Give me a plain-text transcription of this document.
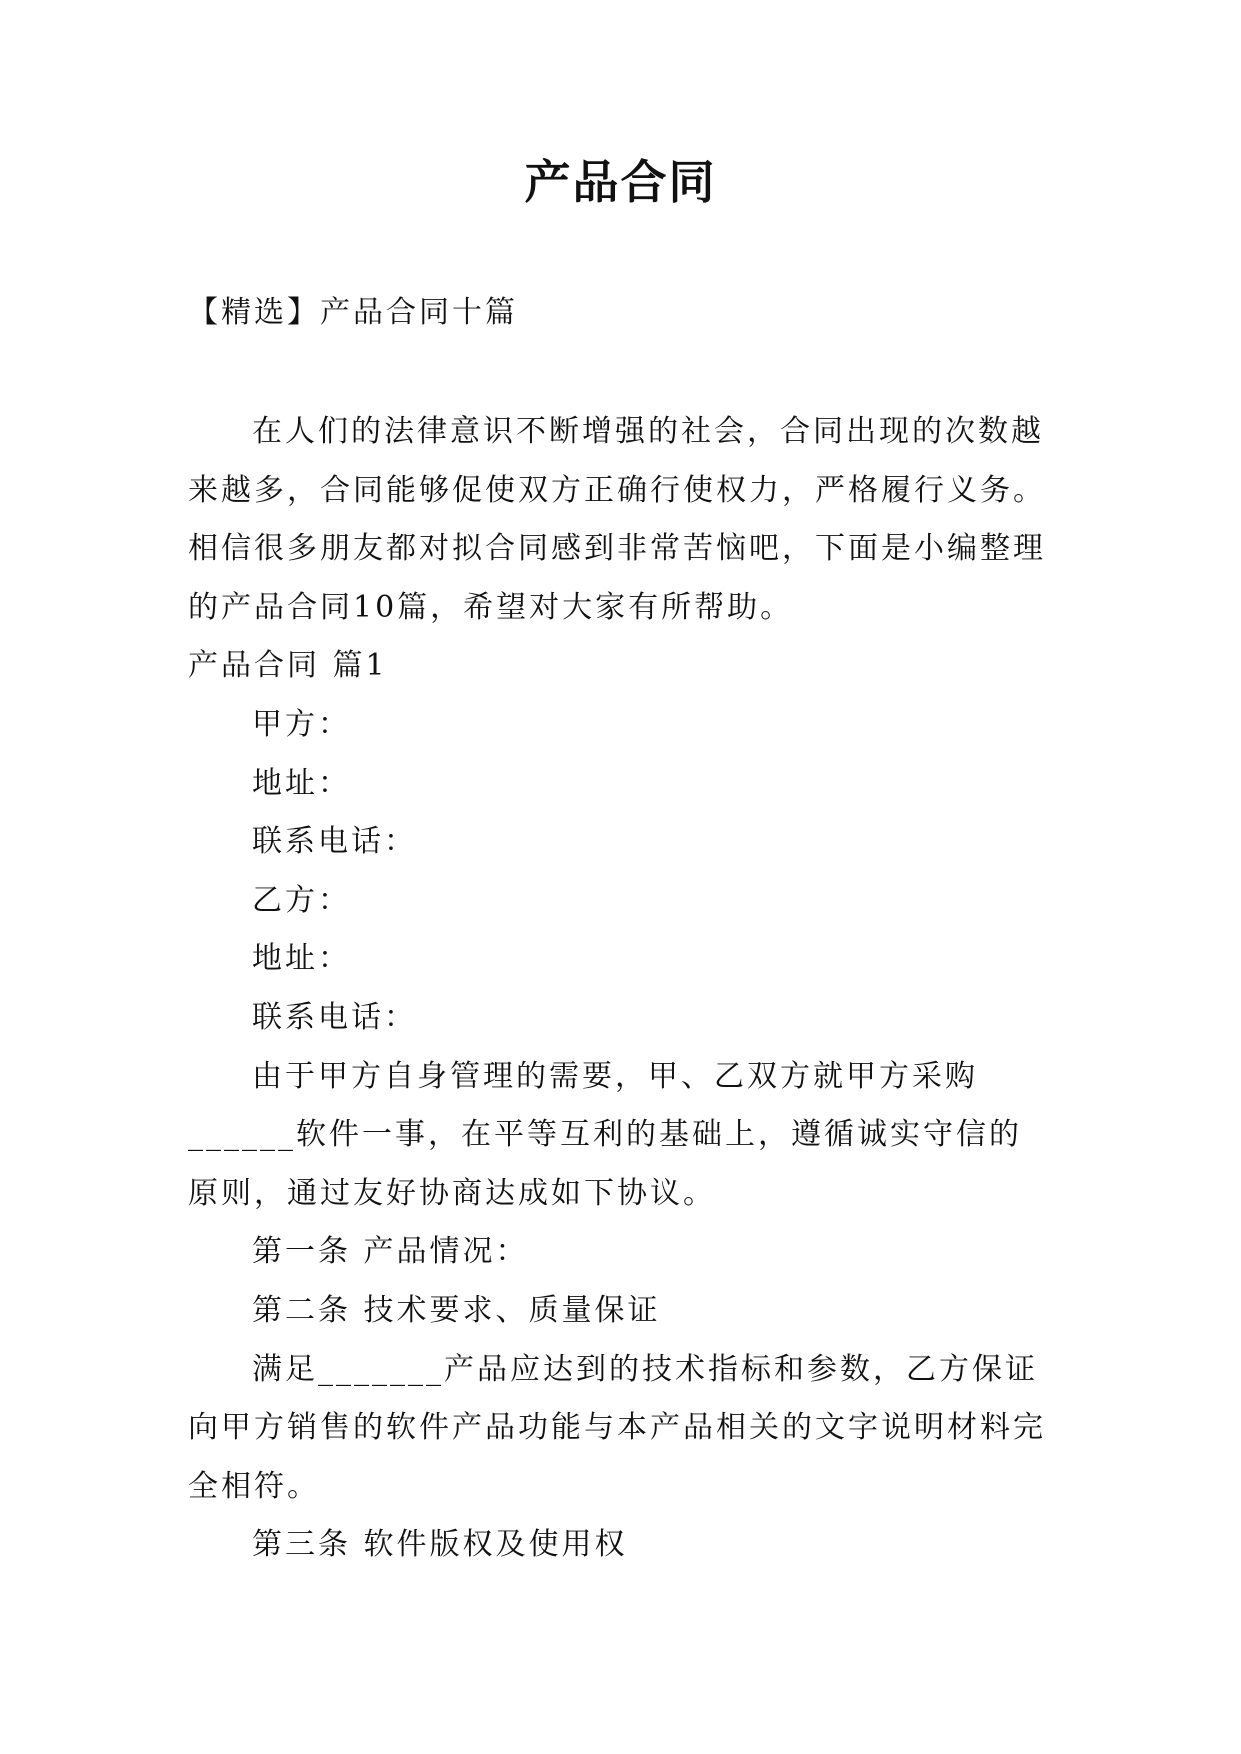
产品合同
【精选】产品合同十篇

在人们的法律意识不断增强的社会，合同出现的次数越来越多，合同能够促使双方正确行使权力，严格履行义务。相信很多朋友都对拟合同感到非常苦恼吧，下面是小编整理的产品合同10篇，希望对大家有所帮助。

产品合同 篇1

甲方：

地址：

联系电话：

乙方：

地址：

联系电话：

由于甲方自身管理的需要，甲、乙双方就甲方采购______软件一事，在平等互利的基础上，遵循诚实守信的原则，通过友好协商达成如下协议。

第一条 产品情况：

第二条 技术要求、质量保证

满足_______产品应达到的技术指标和参数，乙方保证向甲方销售的软件产品功能与本产品相关的文字说明材料完全相符。

第三条 软件版权及使用权
